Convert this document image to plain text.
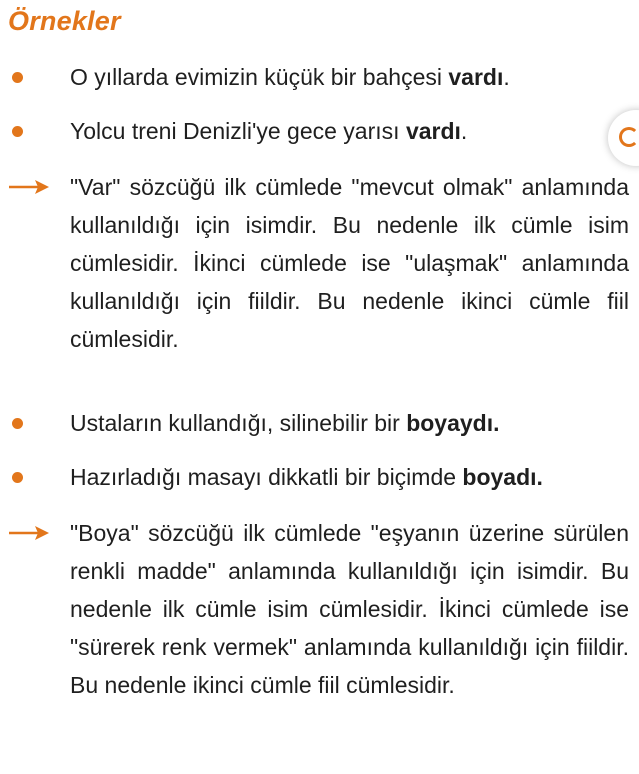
Örnekler
O yıllarda evimizin küçük bir bahçesi vardı.
Yolcu treni Denizli'ye gece yarısı vardı.
"Var" sözcüğü ilk cümlede "mevcut olmak" anlamında kullanıldığı için isimdir. Bu nedenle ilk cümle isim cümlesidir. İkinci cümlede ise "ulaşmak" anlamında kullanıldığı için fiildir. Bu nedenle ikinci cümle fiil cümlesidir.
Ustaların kullandığı, silinebilir bir boyaydı.
Hazırladığı masayı dikkatli bir biçimde boyadı.
"Boya" sözcüğü ilk cümlede "eşyanın üzerine sürülen renkli madde" anlamında kullanıldığı için isimdir. Bu nedenle ilk cümle isim cümlesidir. İkinci cümlede ise "sürerek renk vermek" anlamında kullanıldığı için fiildir. Bu nedenle ikinci cümle fiil cümlesidir.
